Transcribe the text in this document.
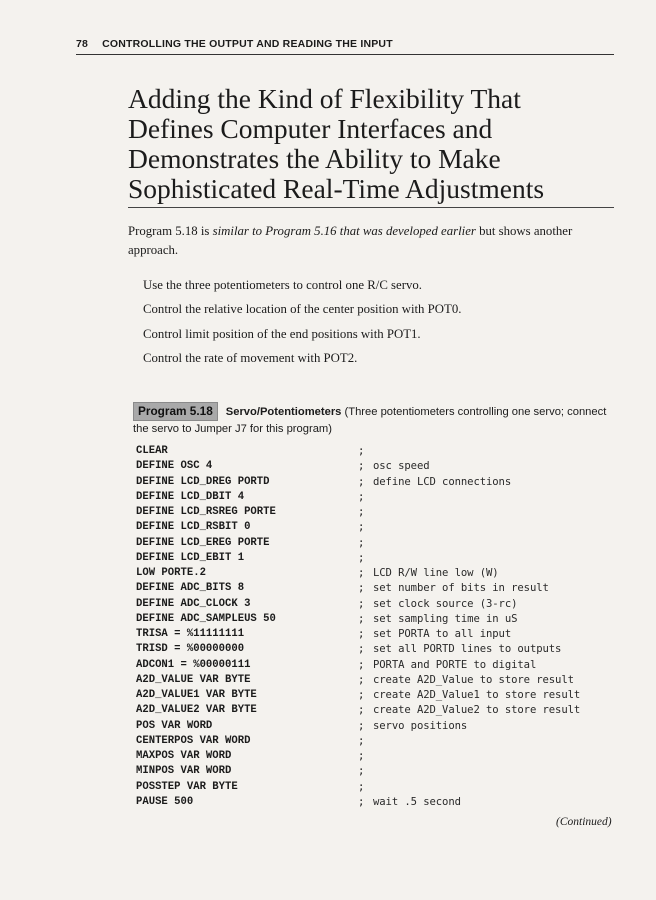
78 CONTROLLING THE OUTPUT AND READING THE INPUT
Adding the Kind of Flexibility That
Defines Computer Interfaces and
Demonstrates the Ability to Make
Sophisticated Real-Time Adjustments

Program 5.18 is similar to Program 5.16 that was developed earlier but shows another approach.

Use the three potentiometers to control one R/C servo.
Control the relative location of the center position with POT0.
Control limit position of the end positions with POT1.
Control the rate of movement with POT2.
Program 5.18 Servo/Potentiometers (Three potentiometers controlling one servo; connect the servo to Jumper J7 for this program)
CLEAR	;
DEFINE OSC 4	; osc speed
DEFINE LCD_DREG PORTD	; define LCD connections
DEFINE LCD_DBIT 4	;
DEFINE LCD_RSREG PORTE	;
DEFINE LCD_RSBIT 0	;
DEFINE LCD_EREG PORTE	;
DEFINE LCD_EBIT 1	;
LOW PORTE.2	; LCD R/W line low (W)
DEFINE ADC_BITS 8	; set number of bits in result
DEFINE ADC_CLOCK 3	; set clock source (3-rc)
DEFINE ADC_SAMPLEUS 50	; set sampling time in uS
TRISA = %11111111	; set PORTA to all input
TRISD = %00000000	; set all PORTD lines to outputs
ADCON1 = %00000111	; PORTA and PORTE to digital
A2D_VALUE VAR BYTE	; create A2D_Value to store result
A2D_VALUE1 VAR BYTE	; create A2D_Value1 to store result
A2D_VALUE2 VAR BYTE	; create A2D_Value2 to store result
POS VAR WORD	; servo positions
CENTERPOS VAR WORD	;
MAXPOS VAR WORD	;
MINPOS VAR WORD	;
POSSTEP VAR BYTE	;
PAUSE 500	; wait .5 second
(Continued)
